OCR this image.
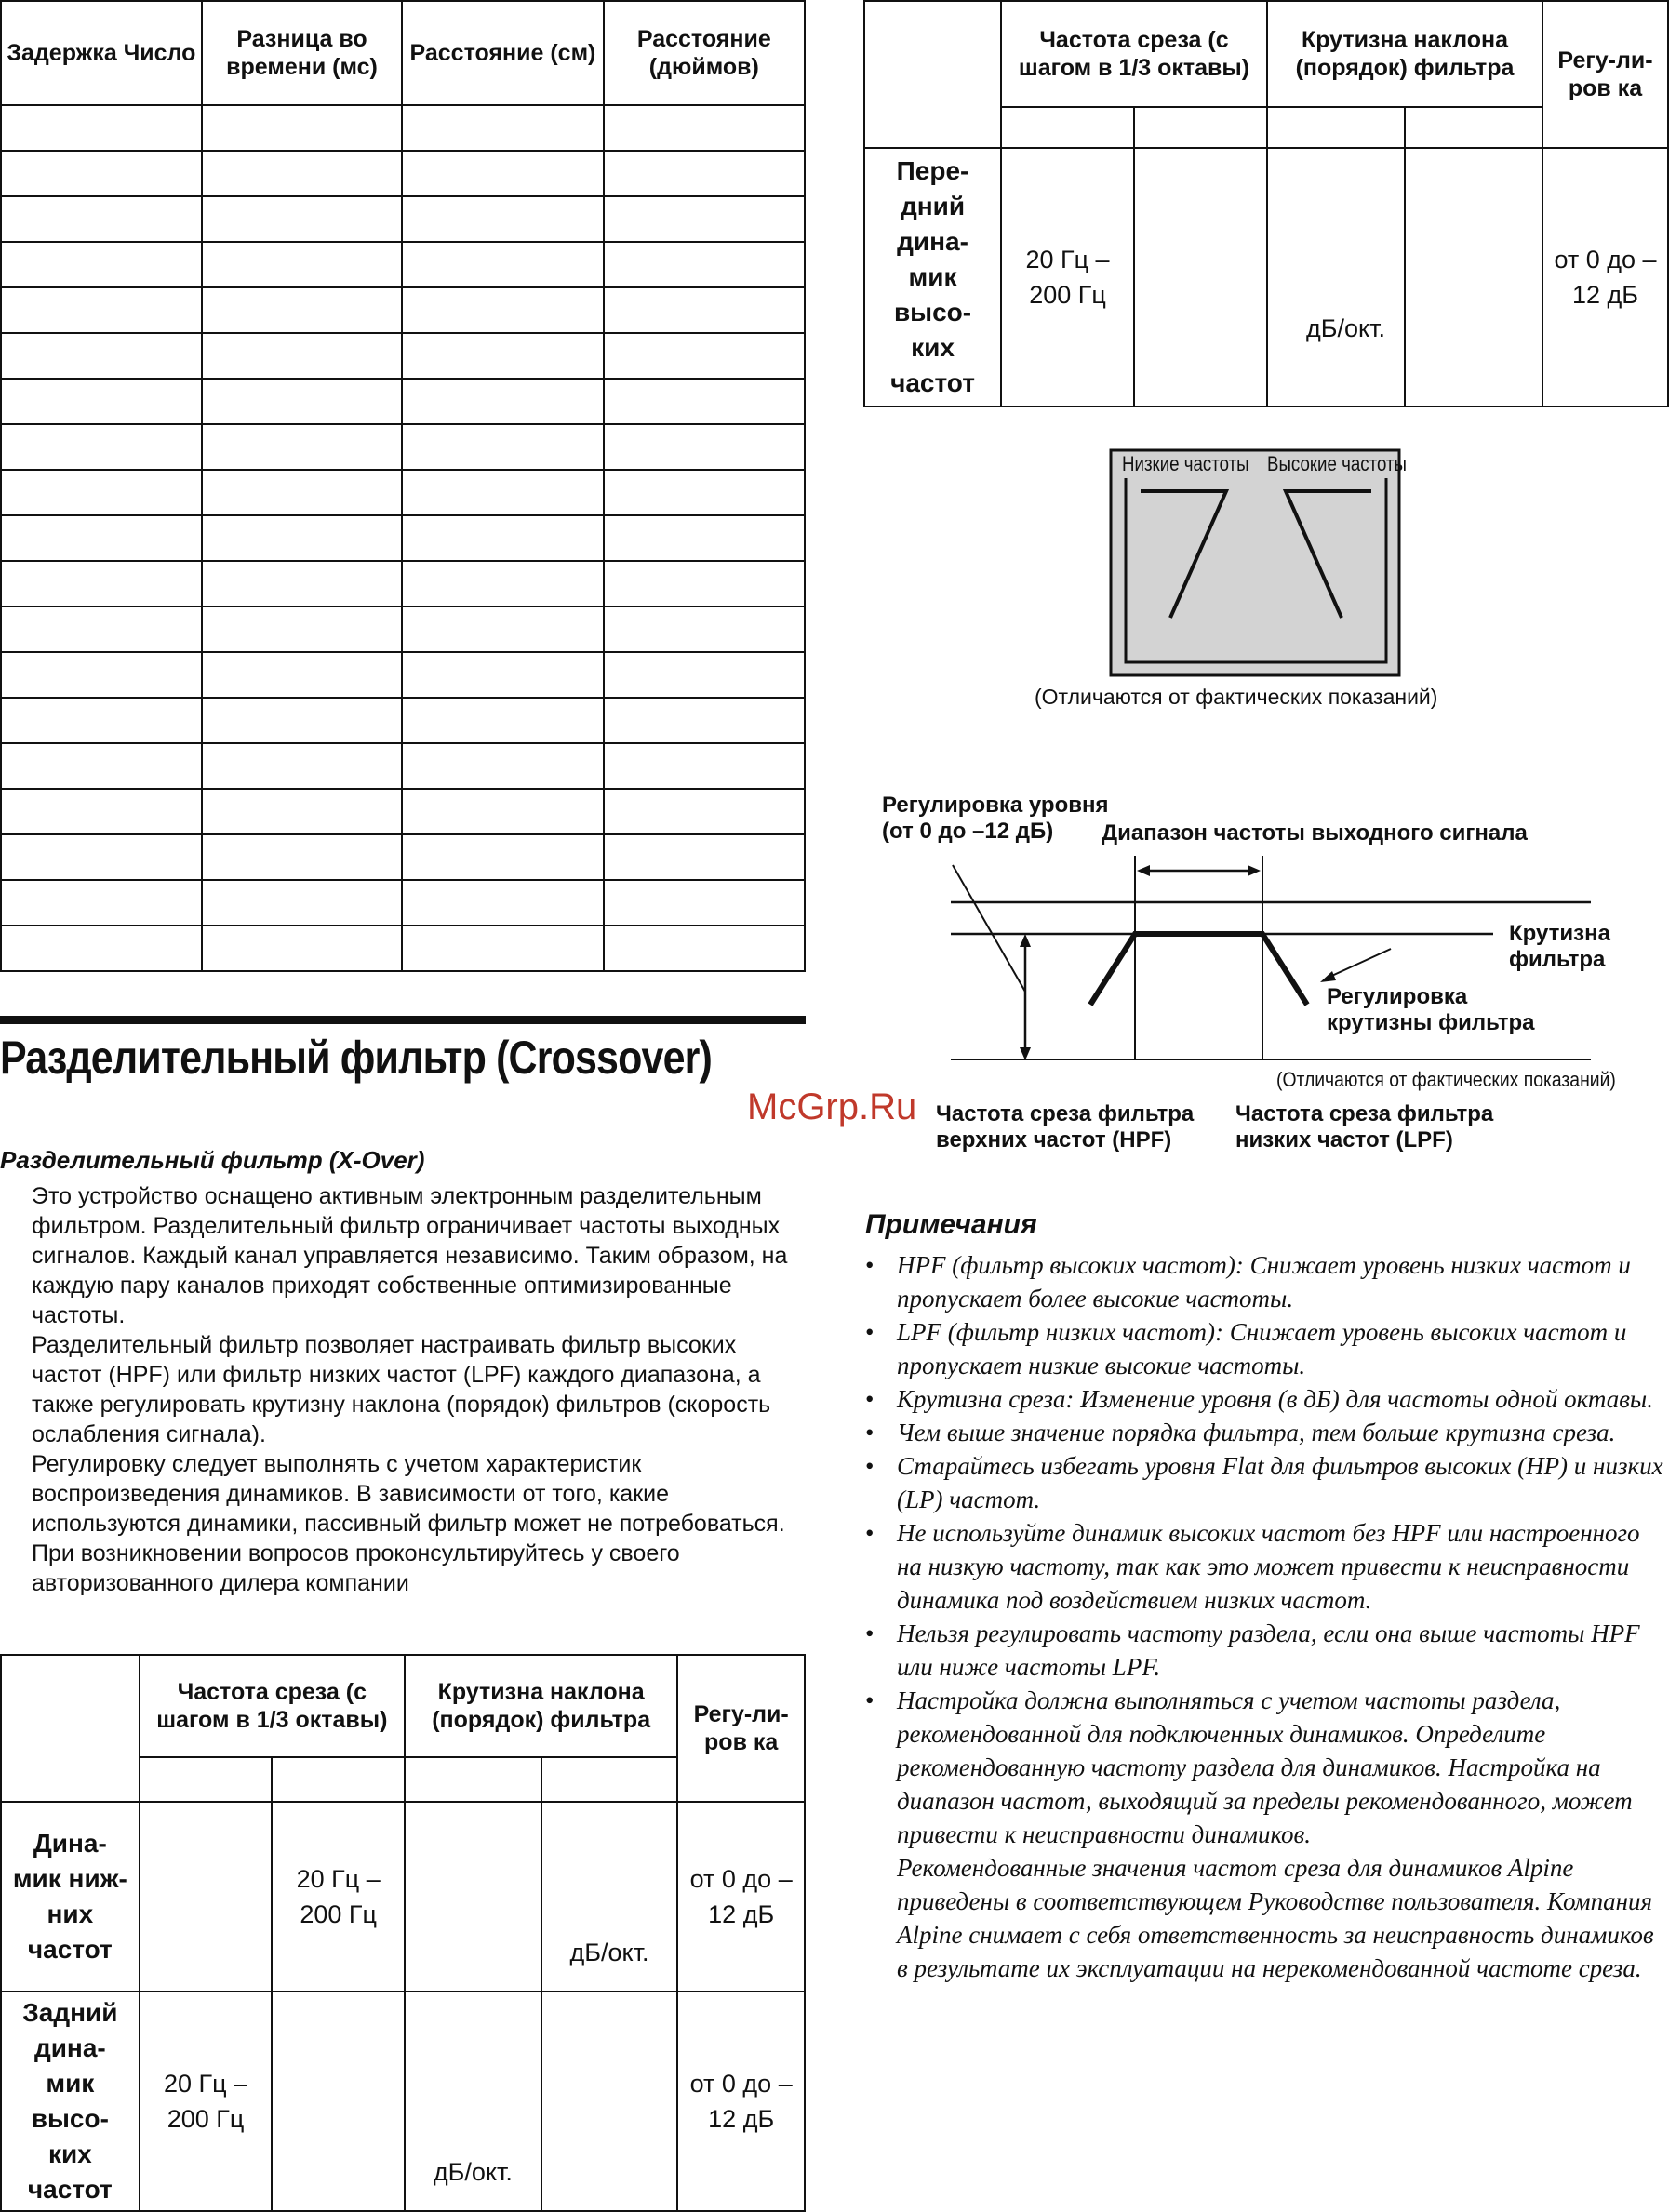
Задержка Число	Разница во времени (мс)	Расстояние (см)	Расстояние (дюймов)

	Частота среза (с шагом в 1/3 октавы)		Крутизна наклона (порядок) фильтра		Регу-ли-ров ка

Пере-дний дина-мик высо-ких частот	20 Гц – 200 Гц		дБ/окт.		от 0 до – 12 дБ
Низкие частоты Высокие частоты
(Отличаются от фактических показаний)
Регулировка уровня
(от 0 до –12 дБ) Диапазон частоты выходного сигнала
Крутизна
фильтра
Регулировка
крутизны фильтра
(Отличаются от фактических показаний)
Частота среза фильтра
верхних частот (HPF)
Частота среза фильтра
низких частот (LPF)
McGrp.Ru
Разделительный фильтр (Crossover)
Разделительный фильтр (X-Over)

Это устройство оснащено активным электронным разделительным фильтром. Разделительный фильтр ограничивает частоты выходных сигналов. Каждый канал управляется независимо. Таким образом, на каждую пару каналов приходят собственные оптимизированные частоты.

Разделительный фильтр позволяет настраивать фильтр высоких частот (HPF) или фильтр низких частот (LPF) каждого диапазона, а также регулировать крутизну наклона (порядок) фильтров (скорость ослабления сигнала).

Регулировку следует выполнять с учетом характеристик воспроизведения динамиков. В зависимости от того, какие используются динамики, пассивный фильтр может не потребоваться. При возникновении вопросов проконсультируйтесь у своего авторизованного дилера компании

	Частота среза (с шагом в 1/3 октавы)		Крутизна наклона (порядок) фильтра		Регу-ли-ров ка

Дина-мик ниж-них частот		20 Гц – 200 Гц		дБ/окт.	от 0 до – 12 дБ
Задний дина-мик высо-ких частот	20 Гц – 200 Гц		дБ/окт.		от 0 до – 12 дБ
Примечания
• HPF (фильтр высоких частот): Снижает уровень низких частот и пропускает более высокие частоты.
• LPF (фильтр низких частот): Снижает уровень высоких частот и пропускает низкие высокие частоты.
• Крутизна среза: Изменение уровня (в дБ) для частоты одной октавы.
• Чем выше значение порядка фильтра, тем больше крутизна среза.
• Старайтесь избегать уровня Flat для фильтров высоких (HP) и низких (LP) частот.
• Не используйте динамик высоких частот без HPF или настроенного на низкую частоту, так как это может привести к неисправности динамика под воздействием низких частот.
• Нельзя регулировать частоту раздела, если она выше частоты HPF или ниже частоты LPF.
• Настройка должна выполняться с учетом частоты раздела, рекомендованной для подключенных динамиков. Определите рекомендованную частоту раздела для динамиков. Настройка на диапазон частот, выходящий за пределы рекомендованного, может привести к неисправности динамиков.
Рекомендованные значения частот среза для динамиков Alpine приведены в соответствующем Руководстве пользователя. Компания Alpine снимает с себя ответственность за неисправность динамиков в результате их эксплуатации на нерекомендованной частоте среза.
